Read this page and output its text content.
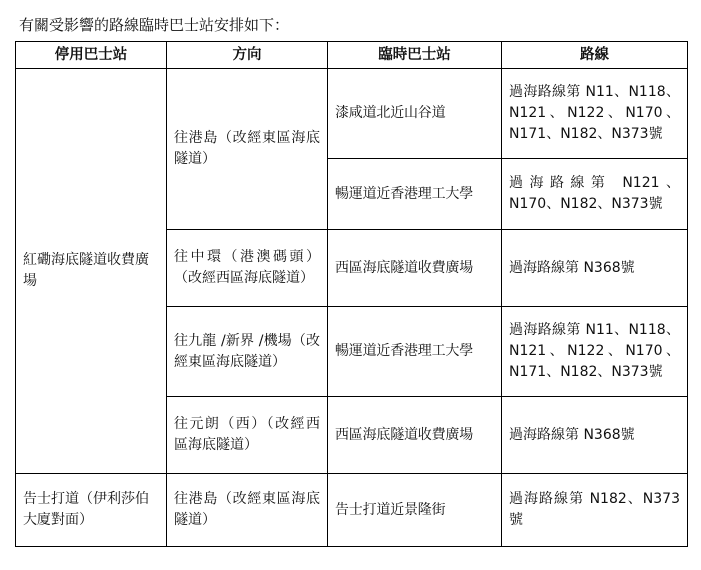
有關受影響的路線臨時巴士站安排如下：
停用巴士站	方向	臨時巴士站	路線
紅磡海底隧道收費廣場	往港島（改經東區海底隧道）	漆咸道北近山谷道	過海路線第 N11、N118、N121、N122、N170、N171、N182、N373號
		暢運道近香港理工大學	過海路線第 N121、N170、N182、N373號
	往中環（港澳碼頭）（改經西區海底隧道）	西區海底隧道收費廣場	過海路線第 N368號
	往九龍 /新界 /機場（改經東區海底隧道）	暢運道近香港理工大學	過海路線第 N11、N118、N121、N122、N170、N171、N182、N373號
	往元朗（西）（改經西區海底隧道）	西區海底隧道收費廣場	過海路線第 N368號
告士打道（伊利莎伯大廈對面）	往港島（改經東區海底隧道）	告士打道近景隆街	過海路線第 N182、N373號
